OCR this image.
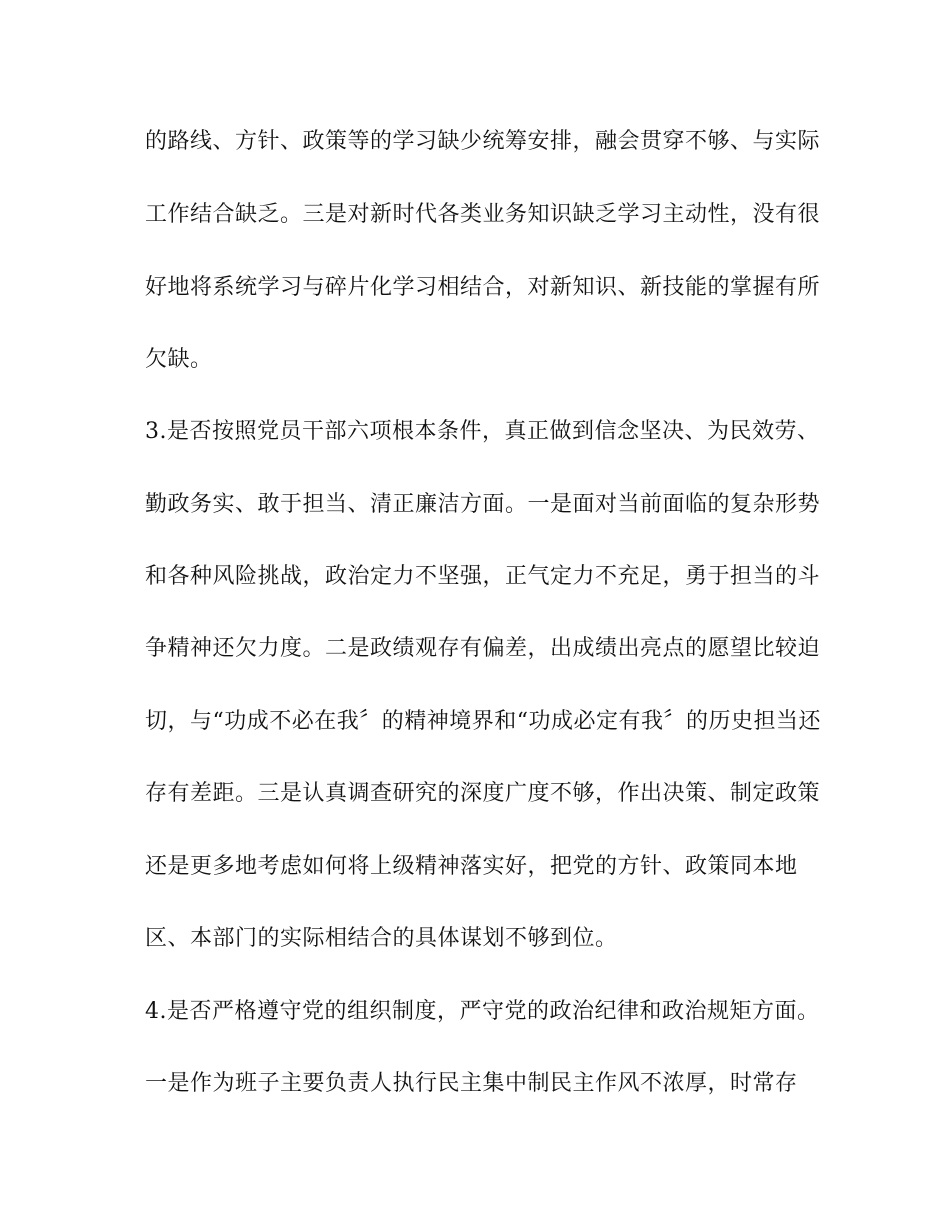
的路线、方针、政策等的学习缺少统筹安排，融会贯穿不够、与实际
工作结合缺乏。三是对新时代各类业务知识缺乏学习主动性，没有很
好地将系统学习与碎片化学习相结合，对新知识、新技能的掌握有所
欠缺。
3.是否按照党员干部六项根本条件，真正做到信念坚决、为民效劳、
勤政务实、敢于担当、清正廉洁方面。一是面对当前面临的复杂形势
和各种风险挑战，政治定力不坚强，正气定力不充足，勇于担当的斗
争精神还欠力度。二是政绩观存有偏差，出成绩出亮点的愿望比较迫
切，与“功成不必在我〞的精神境界和“功成必定有我〞的历史担当还
存有差距。三是认真调查研究的深度广度不够，作出决策、制定政策
还是更多地考虑如何将上级精神落实好，把党的方针、政策同本地
区、本部门的实际相结合的具体谋划不够到位。
4.是否严格遵守党的组织制度，严守党的政治纪律和政治规矩方面。
一是作为班子主要负责人执行民主集中制民主作风不浓厚，时常存
